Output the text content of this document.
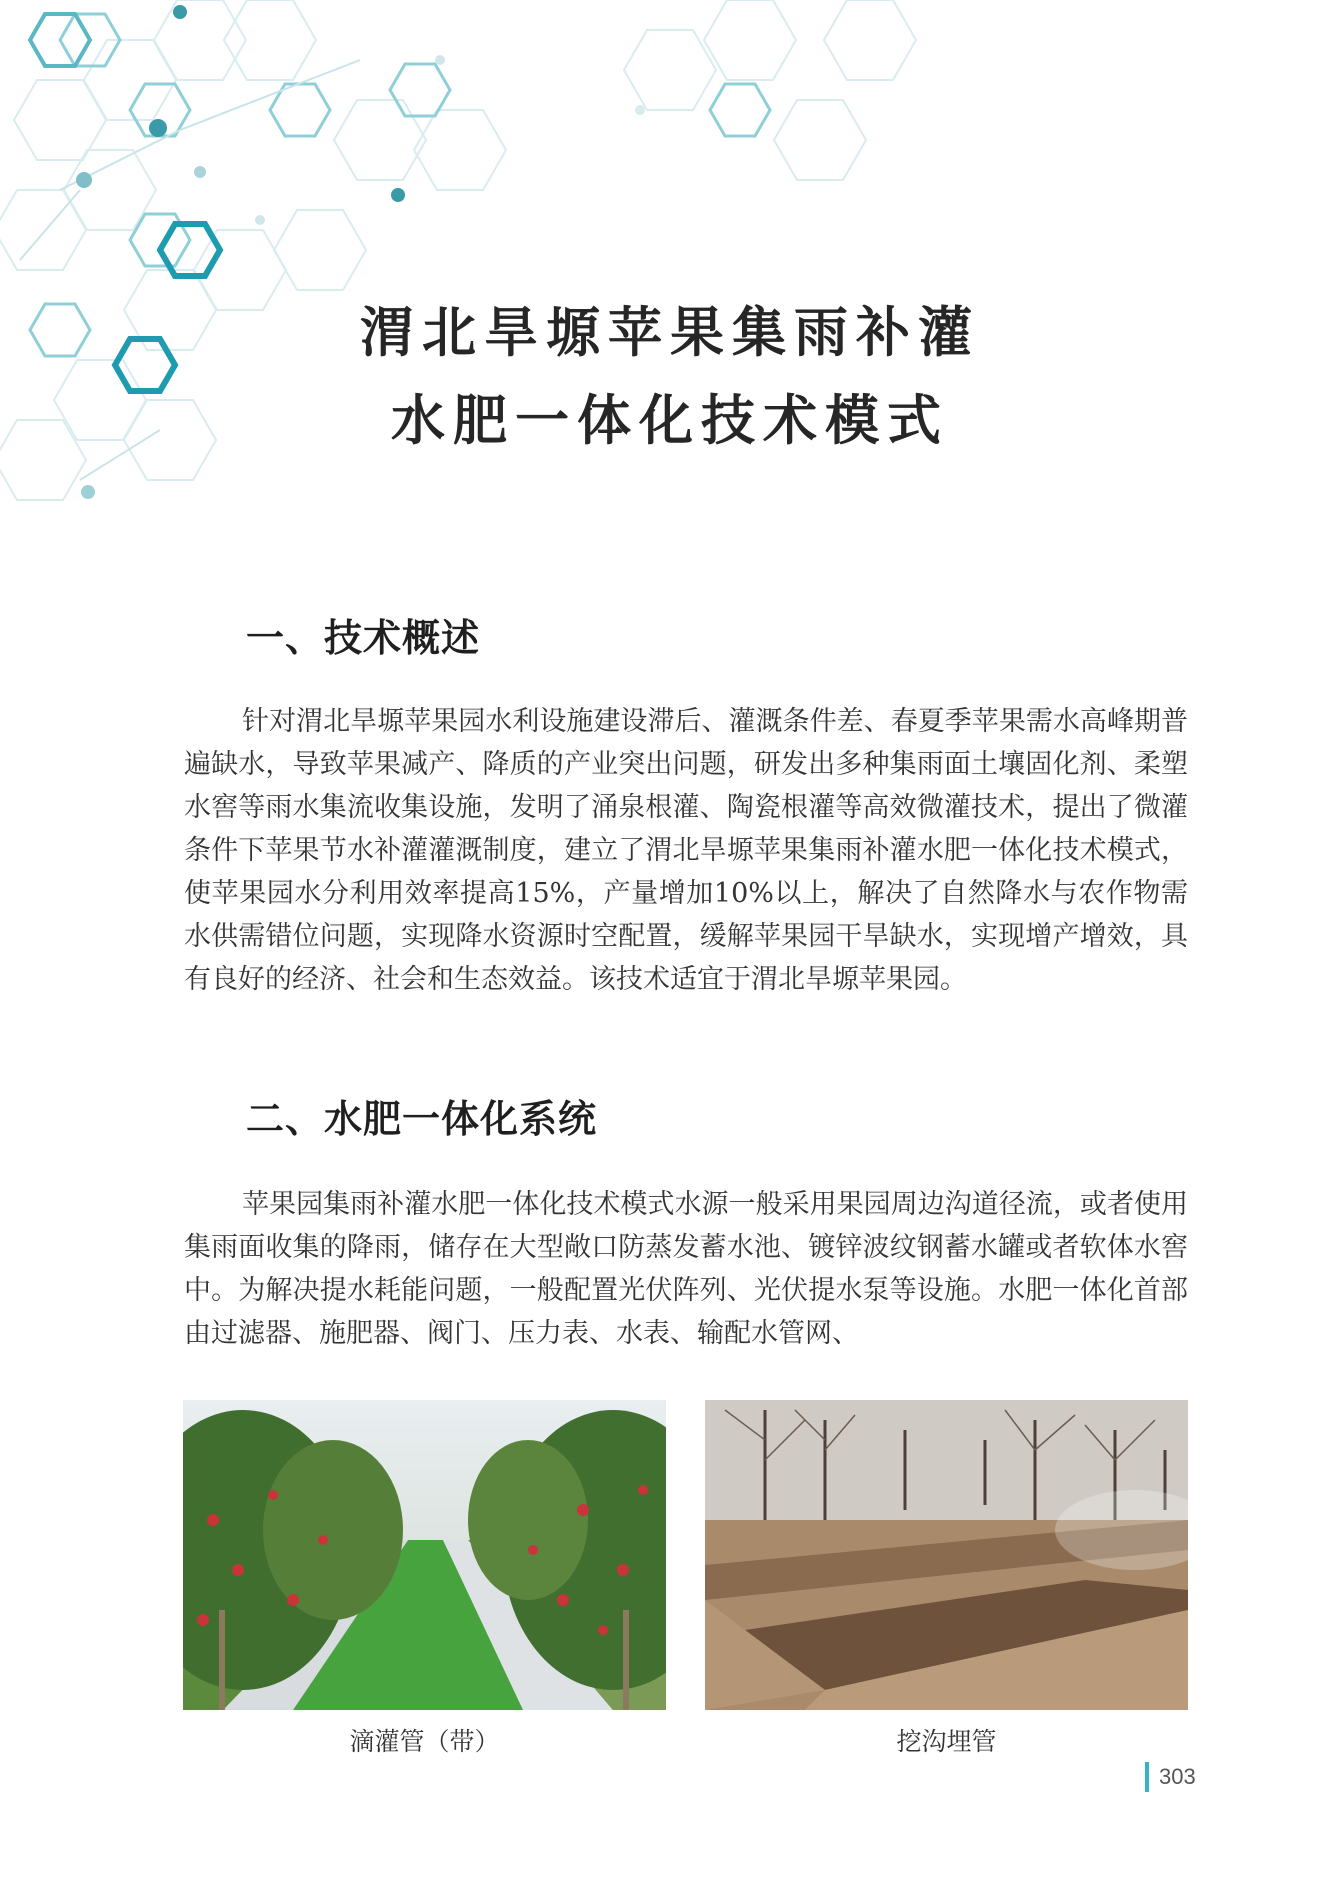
渭北旱塬苹果集雨补灌
水肥一体化技术模式
一、技术概述
针对渭北旱塬苹果园水利设施建设滞后、灌溉条件差、春夏季苹果需水高峰期普遍缺水，导致苹果减产、降质的产业突出问题，研发出多种集雨面土壤固化剂、柔塑水窖等雨水集流收集设施，发明了涌泉根灌、陶瓷根灌等高效微灌技术，提出了微灌条件下苹果节水补灌灌溉制度，建立了渭北旱塬苹果集雨补灌水肥一体化技术模式，使苹果园水分利用效率提高15%，产量增加10%以上，解决了自然降水与农作物需水供需错位问题，实现降水资源时空配置，缓解苹果园干旱缺水，实现增产增效，具有良好的经济、社会和生态效益。该技术适宜于渭北旱塬苹果园。
二、水肥一体化系统
苹果园集雨补灌水肥一体化技术模式水源一般采用果园周边沟道径流，或者使用集雨面收集的降雨，储存在大型敞口防蒸发蓄水池、镀锌波纹钢蓄水罐或者软体水窖中。为解决提水耗能问题，一般配置光伏阵列、光伏提水泵等设施。水肥一体化首部由过滤器、施肥器、阀门、压力表、水表、输配水管网、
滴灌管（带）	挖沟埋管
303
